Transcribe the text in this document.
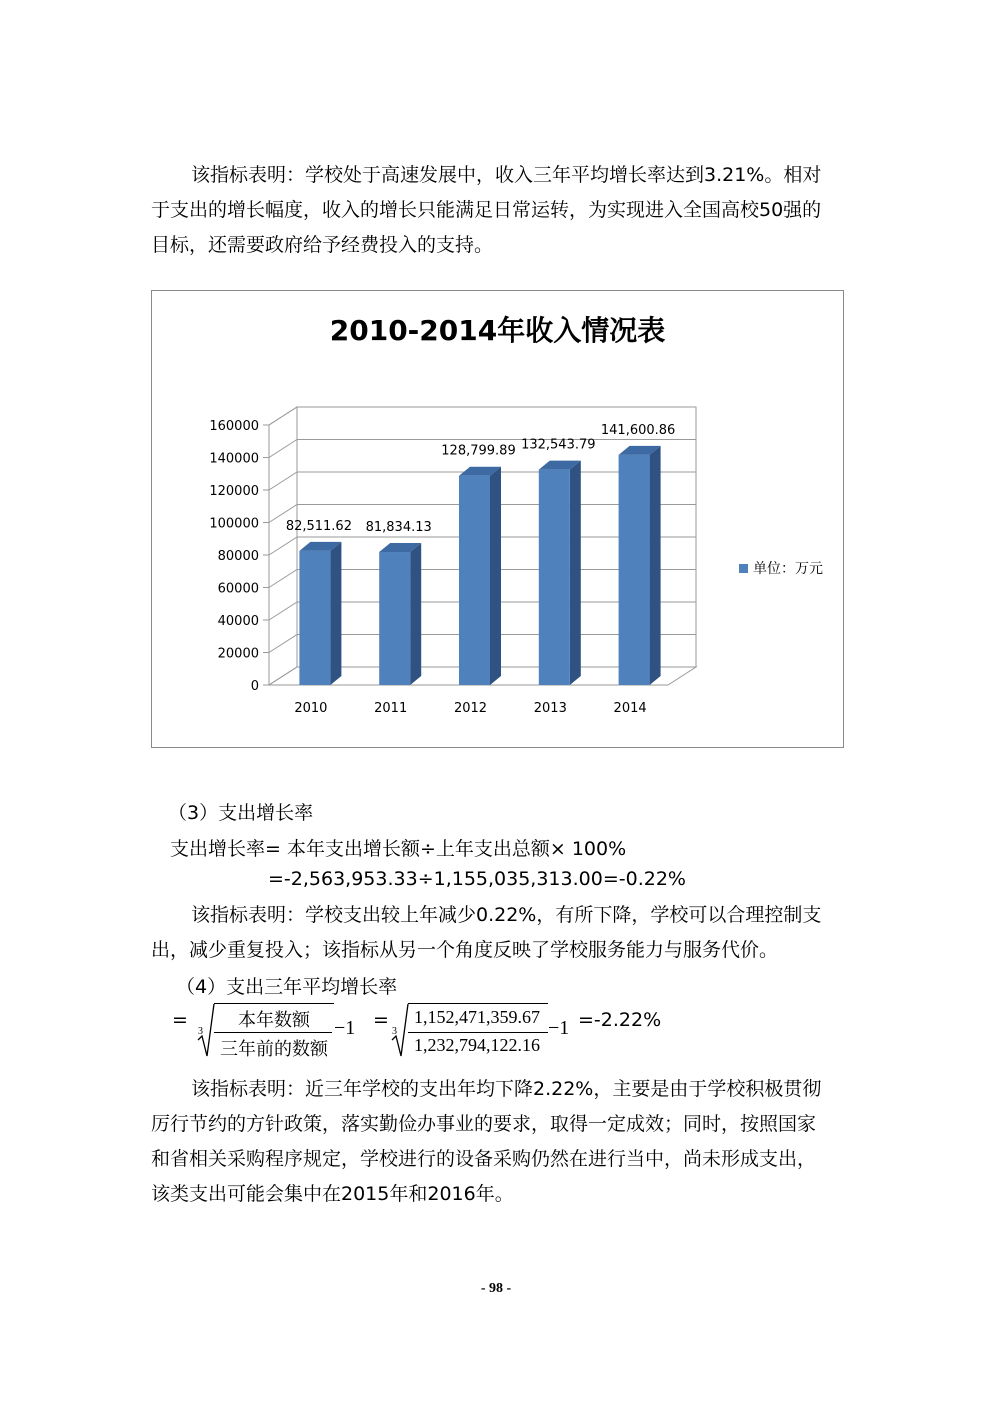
该指标表明：学校处于高速发展中，收入三年平均增长率达到3.21%。相对
于支出的增长幅度，收入的增长只能满足日常运转，为实现进入全国高校50强的
目标，还需要政府给予经费投入的支持。
2010-2014年收入情况表
0
20000
40000
60000
80000
100000
120000
140000
160000
82,511.62
2010
81,834.13
2011
128,799.89
2012
132,543.79
2013
141,600.86
2014
单位：万元
（3）支出增长率
支出增长率= 本年支出增长额÷上年支出总额× 100%
=-2,563,953.33÷1,155,035,313.00=-0.22%
该指标表明：学校支出较上年减少0.22%，有所下降，学校可以合理控制支
出，减少重复投入；该指标从另一个角度反映了学校服务能力与服务代价。
（4）支出三年平均增长率
=
3
本年数额
三年前的数额
−1 =
3
1,152,471,359.67
1,232,794,122.16
−1 =-2.22%
该指标表明：近三年学校的支出年均下降2.22%，主要是由于学校积极贯彻
厉行节约的方针政策，落实勤俭办事业的要求，取得一定成效；同时，按照国家
和省相关采购程序规定，学校进行的设备采购仍然在进行当中，尚未形成支出，
该类支出可能会集中在2015年和2016年。
- 98 -
